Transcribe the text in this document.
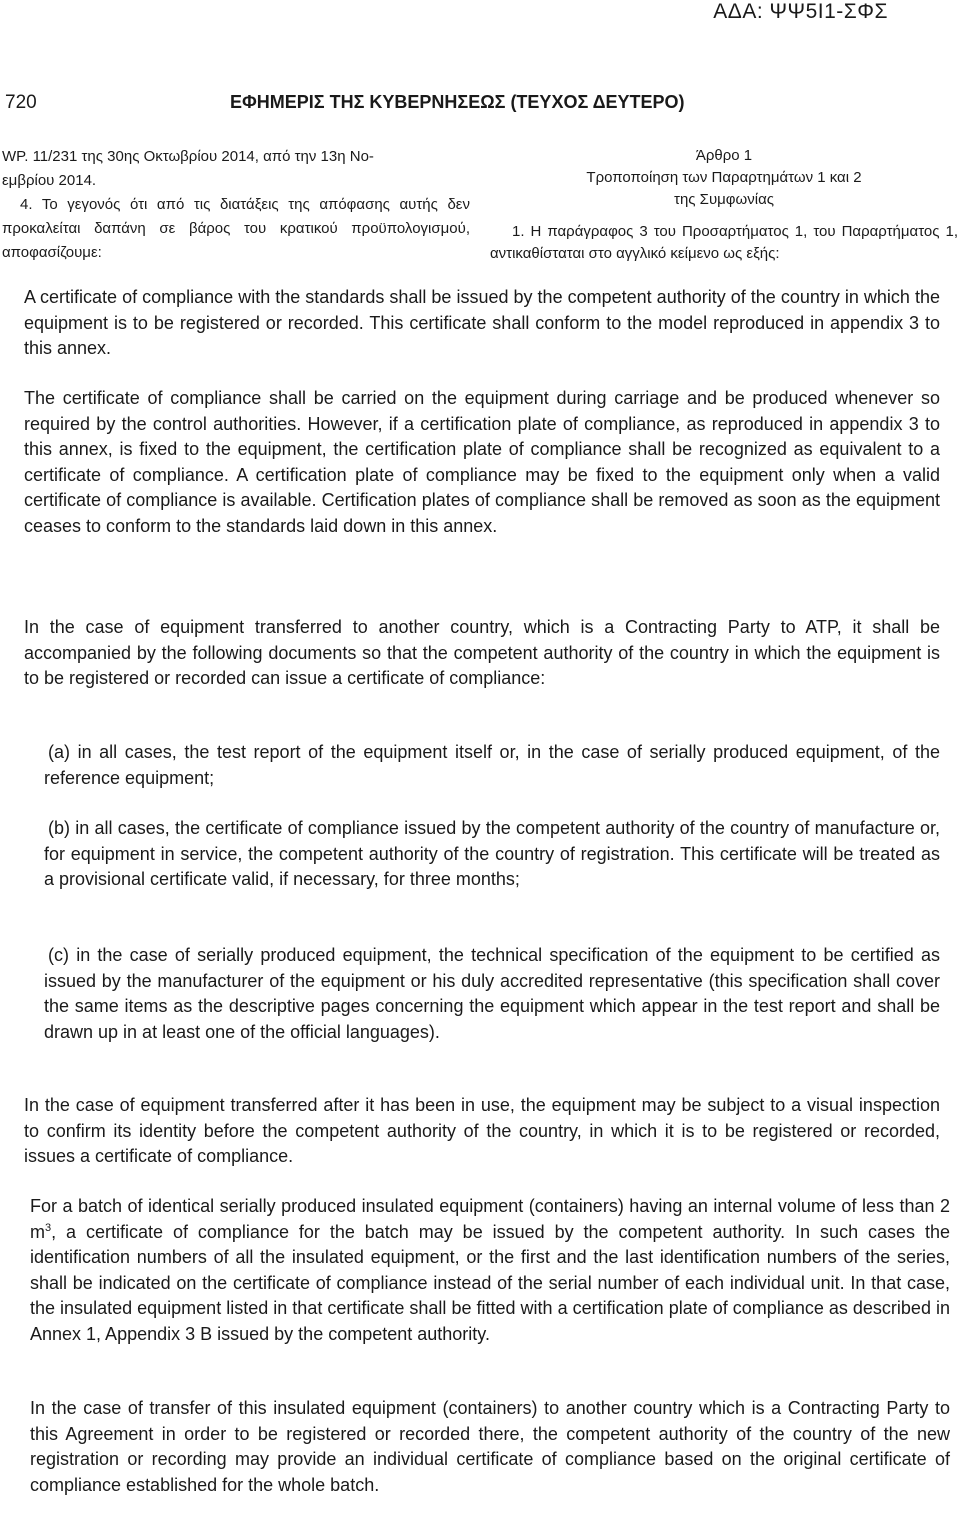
ΑΔΑ: ΨΨ5Ι1-ΣΦΣ
720	ΕΦΗΜΕΡΙΣ ΤΗΣ ΚΥΒΕΡΝΗΣΕΩΣ (ΤΕΥΧΟΣ ΔΕΥΤΕΡΟ)

WP. 11/231 της 30ης Οκτωβρίου 2014, από την 13η Νο-

εμβρίου 2014.

4. Το γεγονός ότι από τις διατάξεις της απόφασης αυτής δεν προκαλείται δαπάνη σε βάρος του κρατικού προϋπολογισμού, αποφασίζουμε:

Άρθρο 1

Τροποποίηση των Παραρτημάτων 1 και 2

της Συμφωνίας

1. Η παράγραφος 3 του Προσαρτήματος 1, του Παραρτήματος 1, αντικαθίσταται στο αγγλικό κείμενο ως εξής:

A certificate of compliance with the standards shall be issued by the competent authority of the country in which the equipment is to be registered or recorded. This certificate shall conform to the model reproduced in appendix 3 to this annex.

The certificate of compliance shall be carried on the equipment during carriage and be produced whenever so required by the control authorities. However, if a certification plate of compliance, as reproduced in appendix 3 to this annex, is fixed to the equipment, the certification plate of compliance shall be recognized as equivalent to a certificate of compliance. A certification plate of compliance may be fixed to the equipment only when a valid certificate of compliance is available. Certification plates of compliance shall be removed as soon as the equipment ceases to conform to the standards laid down in this annex.

In the case of equipment transferred to another country, which is a Contracting Party to ATP, it shall be accompanied by the following documents so that the competent authority of the country in which the equipment is to be registered or recorded can issue a certificate of compliance:

(a) in all cases, the test report of the equipment itself or, in the case of serially produced equipment, of the reference equipment;

(b) in all cases, the certificate of compliance issued by the competent authority of the country of manufacture or, for equipment in service, the competent authority of the country of registration. This certificate will be treated as a provisional certificate valid, if necessary, for three months;

(c) in the case of serially produced equipment, the technical specification of the equipment to be certified as issued by the manufacturer of the equipment or his duly accredited representative (this specification shall cover the same items as the descriptive pages concerning the equipment which appear in the test report and shall be drawn up in at least one of the official languages).

In the case of equipment transferred after it has been in use, the equipment may be subject to a visual inspection to confirm its identity before the competent authority of the country, in which it is to be registered or recorded, issues a certificate of compliance.

For a batch of identical serially produced insulated equipment (containers) having an internal volume of less than 2 $m^3$, a certificate of compliance for the batch may be issued by the competent authority. In such cases the identification numbers of all the insulated equipment, or the first and the last identification numbers of the series, shall be indicated on the certificate of compliance instead of the serial number of each individual unit. In that case, the insulated equipment listed in that certificate shall be fitted with a certification plate of compliance as described in Annex 1, Appendix 3 B issued by the competent authority.

In the case of transfer of this insulated equipment (containers) to another country which is a Contracting Party to this Agreement in order to be registered or recorded there, the competent authority of the country of the new registration or recording may provide an individual certificate of compliance based on the original certificate of compliance established for the whole batch.
